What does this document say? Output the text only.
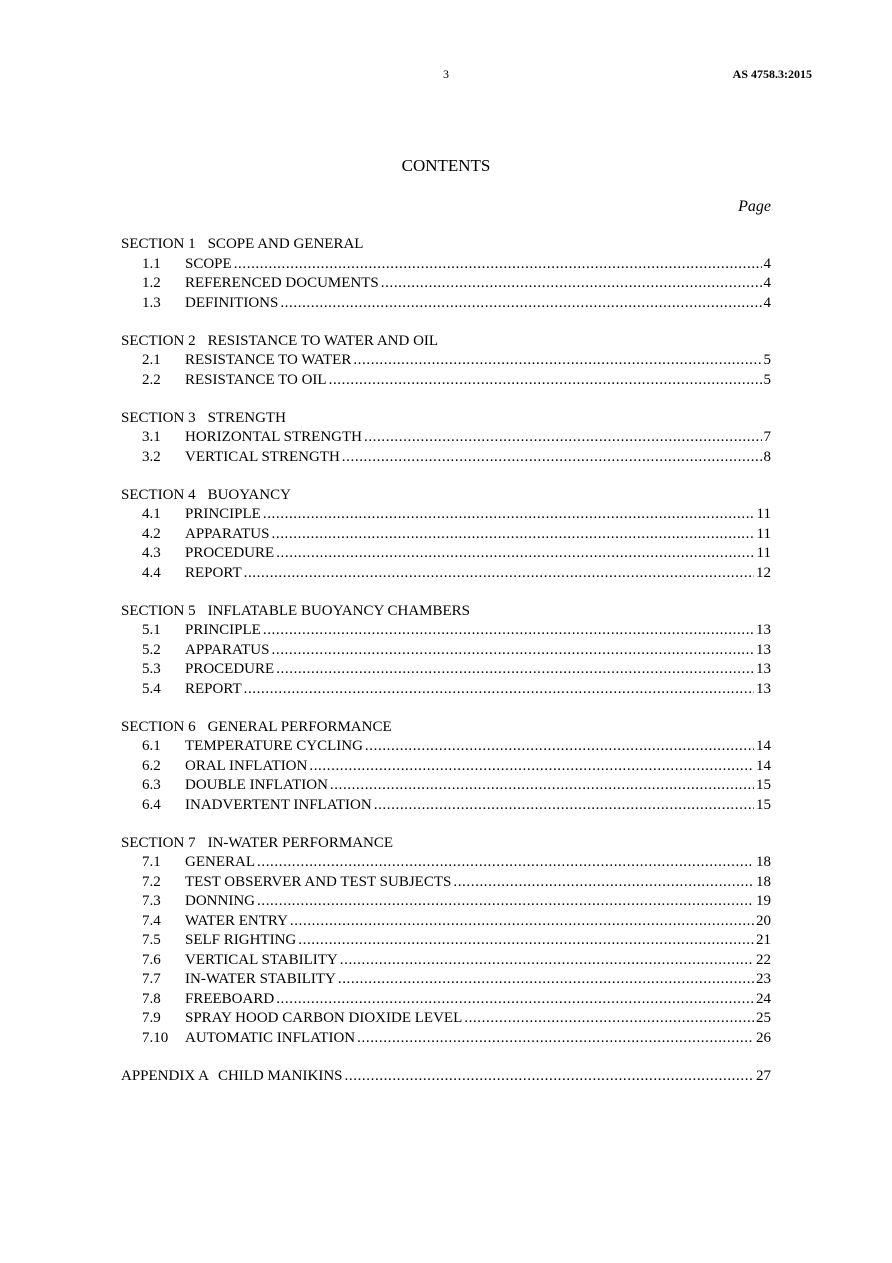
3	AS 4758.3:2015
CONTENTS
Page
SECTION 1 SCOPE AND GENERAL
1.1	SCOPE .....	4
1.2	REFERENCED DOCUMENTS .....	4
1.3	DEFINITIONS .....	4
SECTION 2 RESISTANCE TO WATER AND OIL
2.1	RESISTANCE TO WATER .....	5
2.2	RESISTANCE TO OIL .....	5
SECTION 3 STRENGTH
3.1	HORIZONTAL STRENGTH .....	7
3.2	VERTICAL STRENGTH .....	8
SECTION 4 BUOYANCY
4.1	PRINCIPLE .....	11
4.2	APPARATUS .....	11
4.3	PROCEDURE .....	11
4.4	REPORT .....	12
SECTION 5 INFLATABLE BUOYANCY CHAMBERS
5.1	PRINCIPLE .....	13
5.2	APPARATUS .....	13
5.3	PROCEDURE .....	13
5.4	REPORT .....	13
SECTION 6 GENERAL PERFORMANCE
6.1	TEMPERATURE CYCLING .....	14
6.2	ORAL INFLATION .....	14
6.3	DOUBLE INFLATION .....	15
6.4	INADVERTENT INFLATION .....	15
SECTION 7 IN-WATER PERFORMANCE
7.1	GENERAL .....	18
7.2	TEST OBSERVER AND TEST SUBJECTS .....	18
7.3	DONNING .....	19
7.4	WATER ENTRY .....	20
7.5	SELF RIGHTING .....	21
7.6	VERTICAL STABILITY .....	22
7.7	IN-WATER STABILITY .....	23
7.8	FREEBOARD .....	24
7.9	SPRAY HOOD CARBON DIOXIDE LEVEL .....	25
7.10	AUTOMATIC INFLATION .....	26
APPENDIX A CHILD MANIKINS .....	27
